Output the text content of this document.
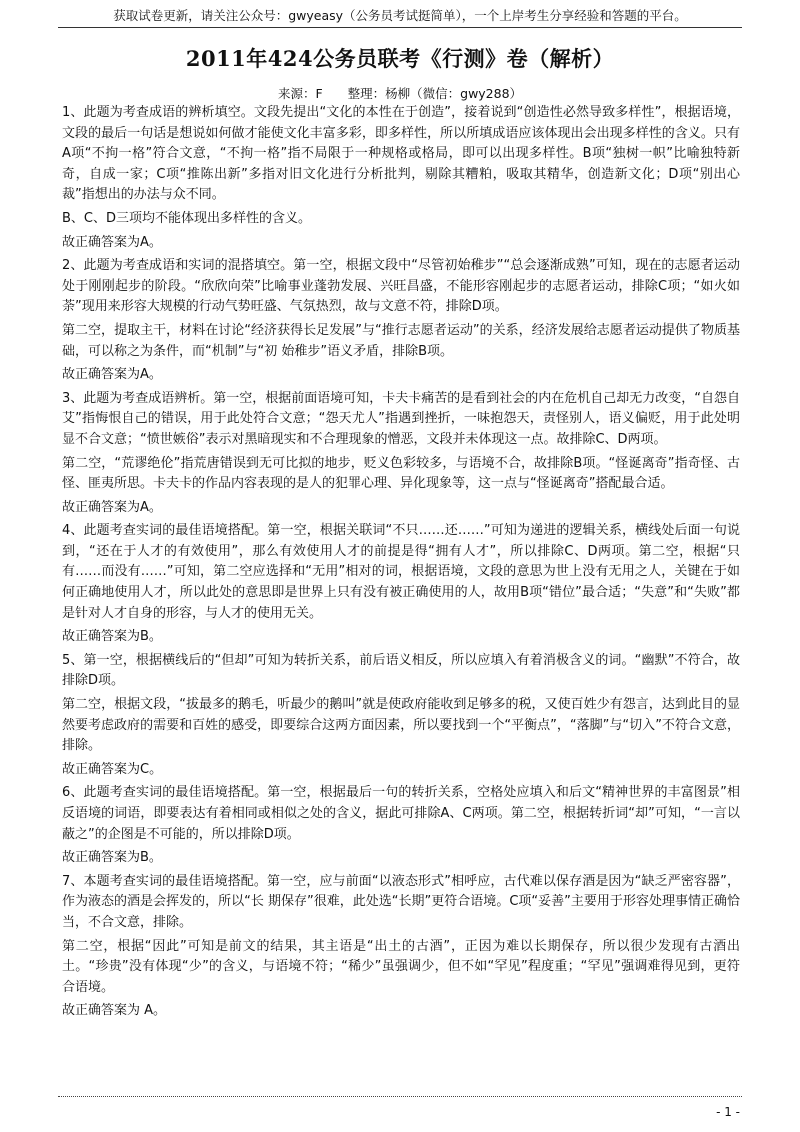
获取试卷更新，请关注公众号：gwyeasy（公务员考试挺简单），一个上岸考生分享经验和答题的平台。
2011年424公务员联考《行测》卷（解析）
来源：F　　整理：杨柳（微信：gwy288）

1、此题为考查成语的辨析填空。文段先提出“文化的本性在于创造”，接着说到“创造性必然导致多样性”，根据语境，文段的最后一句话是想说如何做才能使文化丰富多彩，即多样性，所以所填成语应该体现出会出现多样性的含义。只有A项“不拘一格”符合文意，“不拘一格”指不局限于一种规格或格局，即可以出现多样性。B项“独树一帜”比喻独特新奇，自成一家；C项“推陈出新”多指对旧文化进行分析批判，剔除其糟粕，吸取其精华，创造新文化；D项“别出心裁”指想出的办法与众不同。

B、C、D三项均不能体现出多样性的含义。

故正确答案为A。

2、此题为考查成语和实词的混搭填空。第一空，根据文段中“尽管初始稚步”“总会逐渐成熟”可知，现在的志愿者运动处于刚刚起步的阶段。“欣欣向荣”比喻事业蓬勃发展、兴旺昌盛，不能形容刚起步的志愿者运动，排除C项；“如火如荼”现用来形容大规模的行动气势旺盛、气氛热烈，故与文意不符，排除D项。

第二空，提取主干，材料在讨论“经济获得长足发展”与“推行志愿者运动”的关系，经济发展给志愿者运动提供了物质基础，可以称之为条件，而“机制”与“初 始稚步”语义矛盾，排除B项。

故正确答案为A。

3、此题为考查成语辨析。第一空，根据前面语境可知，卡夫卡痛苦的是看到社会的内在危机自己却无力改变，“自怨自艾”指悔恨自己的错误，用于此处符合文意；“怨天尤人”指遇到挫折，一味抱怨天，责怪别人，语义偏贬，用于此处明显不合文意；“愤世嫉俗”表示对黑暗现实和不合理现象的憎恶，文段并未体现这一点。故排除C、D两项。

第二空，“荒谬绝伦”指荒唐错误到无可比拟的地步，贬义色彩较多，与语境不合，故排除B项。“怪诞离奇”指奇怪、古怪、匪夷所思。卡夫卡的作品内容表现的是人的犯罪心理、异化现象等，这一点与“怪诞离奇”搭配最合适。

故正确答案为A。

4、此题考查实词的最佳语境搭配。第一空，根据关联词“不只……还……”可知为递进的逻辑关系，横线处后面一句说到，“还在于人才的有效使用”，那么有效使用人才的前提是得“拥有人才”，所以排除C、D两项。第二空，根据“只有……而没有……”可知，第二空应选择和“无用”相对的词，根据语境，文段的意思为世上没有无用之人，关键在于如何正确地使用人才，所以此处的意思即是世界上只有没有被正确使用的人，故用B项“错位”最合适；“失意”和“失败”都是针对人才自身的形容，与人才的使用无关。

故正确答案为B。

5、第一空，根据横线后的“但却”可知为转折关系，前后语义相反，所以应填入有着消极含义的词。“幽默”不符合，故排除D项。

第二空，根据文段，“拔最多的鹅毛，听最少的鹅叫”就是使政府能收到足够多的税，又使百姓少有怨言，达到此目的显然要考虑政府的需要和百姓的感受，即要综合这两方面因素，所以要找到一个“平衡点”，“落脚”与“切入”不符合文意，排除。

故正确答案为C。

6、此题考查实词的最佳语境搭配。第一空，根据最后一句的转折关系，空格处应填入和后文“精神世界的丰富图景”相反语境的词语，即要表达有着相同或相似之处的含义，据此可排除A、C两项。第二空，根据转折词“却”可知，“一言以蔽之”的企图是不可能的，所以排除D项。

故正确答案为B。

7、本题考查实词的最佳语境搭配。第一空，应与前面“以液态形式”相呼应，古代难以保存酒是因为“缺乏严密容器”，作为液态的酒是会挥发的，所以“长 期保存”很难，此处选“长期”更符合语境。C项“妥善”主要用于形容处理事情正确恰当，不合文意，排除。

第二空，根据“因此”可知是前文的结果，其主语是“出土的古酒”，正因为难以长期保存，所以很少发现有古酒出土。“珍贵”没有体现“少”的含义，与语境不符；“稀少”虽强调少，但不如“罕见”程度重；“罕见”强调难得见到，更符合语境。

故正确答案为 A。

- 1 -
